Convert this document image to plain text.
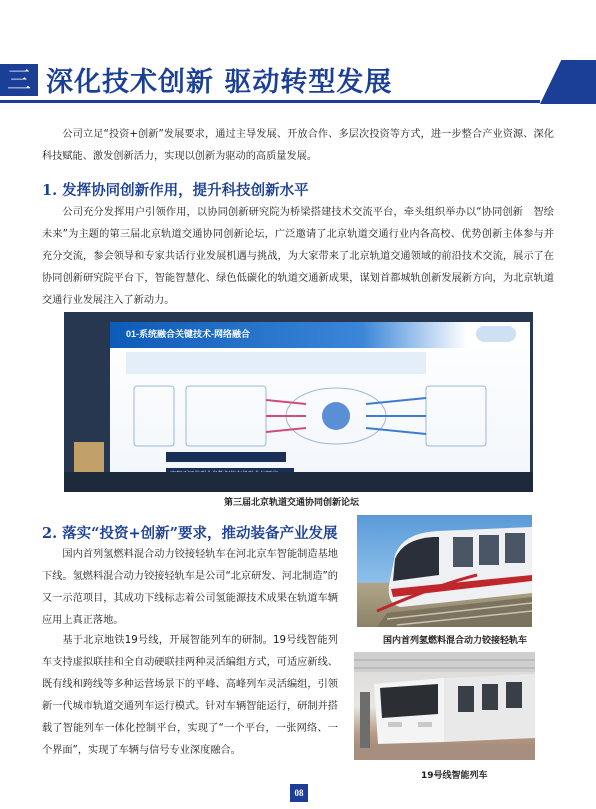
三 深化技术创新 驱动转型发展

公司立足“投资+创新”发展要求，通过主导发展、开放合作、多层次投资等方式，进一步整合产业资源、深化科技赋能、激发创新活力，实现以创新为驱动的高质量发展。

1. 发挥协同创新作用，提升科技创新水平

公司充分发挥用户引领作用，以协同创新研究院为桥梁搭建技术交流平台，牵头组织举办以“协同创新　智绘未来”为主题的第三届北京轨道交通协同创新论坛，广泛邀请了北京轨道交通行业内各高校、优势创新主体参与并充分交流，参会领导和专家共话行业发展机遇与挑战，为大家带来了北京轨道交通领域的前沿技术交流，展示了在协同创新研究院平台下，智能智慧化、绿色低碳化的轨道交通新成果，谋划首都城轨创新发展新方向，为北京轨道交通行业发展注入了新动力。

01-系统融合关键技术-网络融合
第三届北京轨道交通协同创新论坛
2. 落实“投资+创新”要求，推动装备产业发展

国内首列氢燃料混合动力铰接轻轨车在河北京车智能制造基地下线。氢燃料混合动力铰接轻轨车是公司“北京研发、河北制造”的又一示范项目，其成功下线标志着公司氢能源技术成果在轨道车辆应用上真正落地。

基于北京地铁19号线，开展智能列车的研制。19号线智能列车支持虚拟联挂和全自动硬联挂两种灵活编组方式，可适应新线、既有线和跨线等多种运营场景下的平峰、高峰列车灵活编组，引领新一代城市轨道交通列车运行模式。针对车辆智能运行，研制并搭载了智能列车一体化控制平台，实现了“一个平台，一张网络、一个界面”，实现了车辆与信号专业深度融合。

国内首列氢燃料混合动力铰接轻轨车
19号线智能列车
08
